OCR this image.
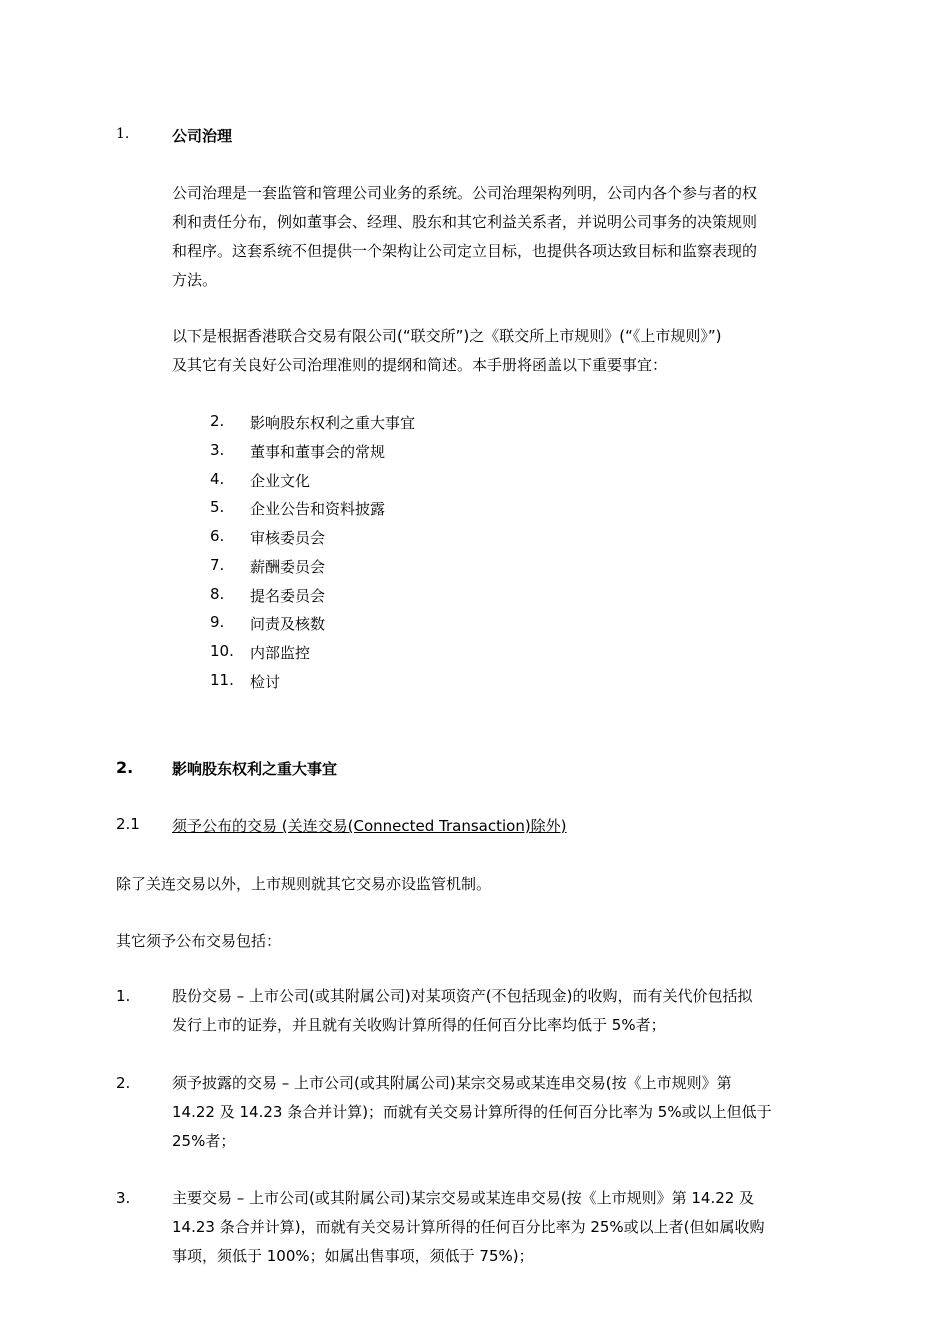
1.	公司治理
公司治理是一套监管和管理公司业务的系统。公司治理架构列明，公司内各个参与者的权
利和责任分布，例如董事会、经理、股东和其它利益关系者，并说明公司事务的决策规则
和程序。这套系统不但提供一个架构让公司定立目标，也提供各项达致目标和监察表现的
方法。
以下是根据香港联合交易有限公司(“联交所”)之《联交所上市规则》(“《上市规则》”)
及其它有关良好公司治理准则的提纲和简述。本手册将函盖以下重要事宜：
2.	影响股东权利之重大事宜
3.	董事和董事会的常规
4.	企业文化
5.	企业公告和资料披露
6.	审核委员会
7.	薪酬委员会
8.	提名委员会
9.	问责及核数
10.	内部监控
11.	检讨
2.	影响股东权利之重大事宜
2.1 须予公布的交易 (关连交易(Connected Transaction)除外)
除了关连交易以外，上市规则就其它交易亦设监管机制。
其它须予公布交易包括：
1.	股份交易 – 上市公司(或其附属公司)对某项资产(不包括现金)的收购，而有关代价包括拟
发行上市的证券，并且就有关收购计算所得的任何百分比率均低于 5%者；
2.	须予披露的交易 – 上市公司(或其附属公司)某宗交易或某连串交易(按《上市规则》第
14.22 及 14.23 条合并计算)；而就有关交易计算所得的任何百分比率为 5%或以上但低于
25%者；
3.	主要交易 – 上市公司(或其附属公司)某宗交易或某连串交易(按《上市规则》第 14.22 及
14.23 条合并计算)，而就有关交易计算所得的任何百分比率为 25%或以上者(但如属收购
事项，须低于 100%；如属出售事项，须低于 75%)；
